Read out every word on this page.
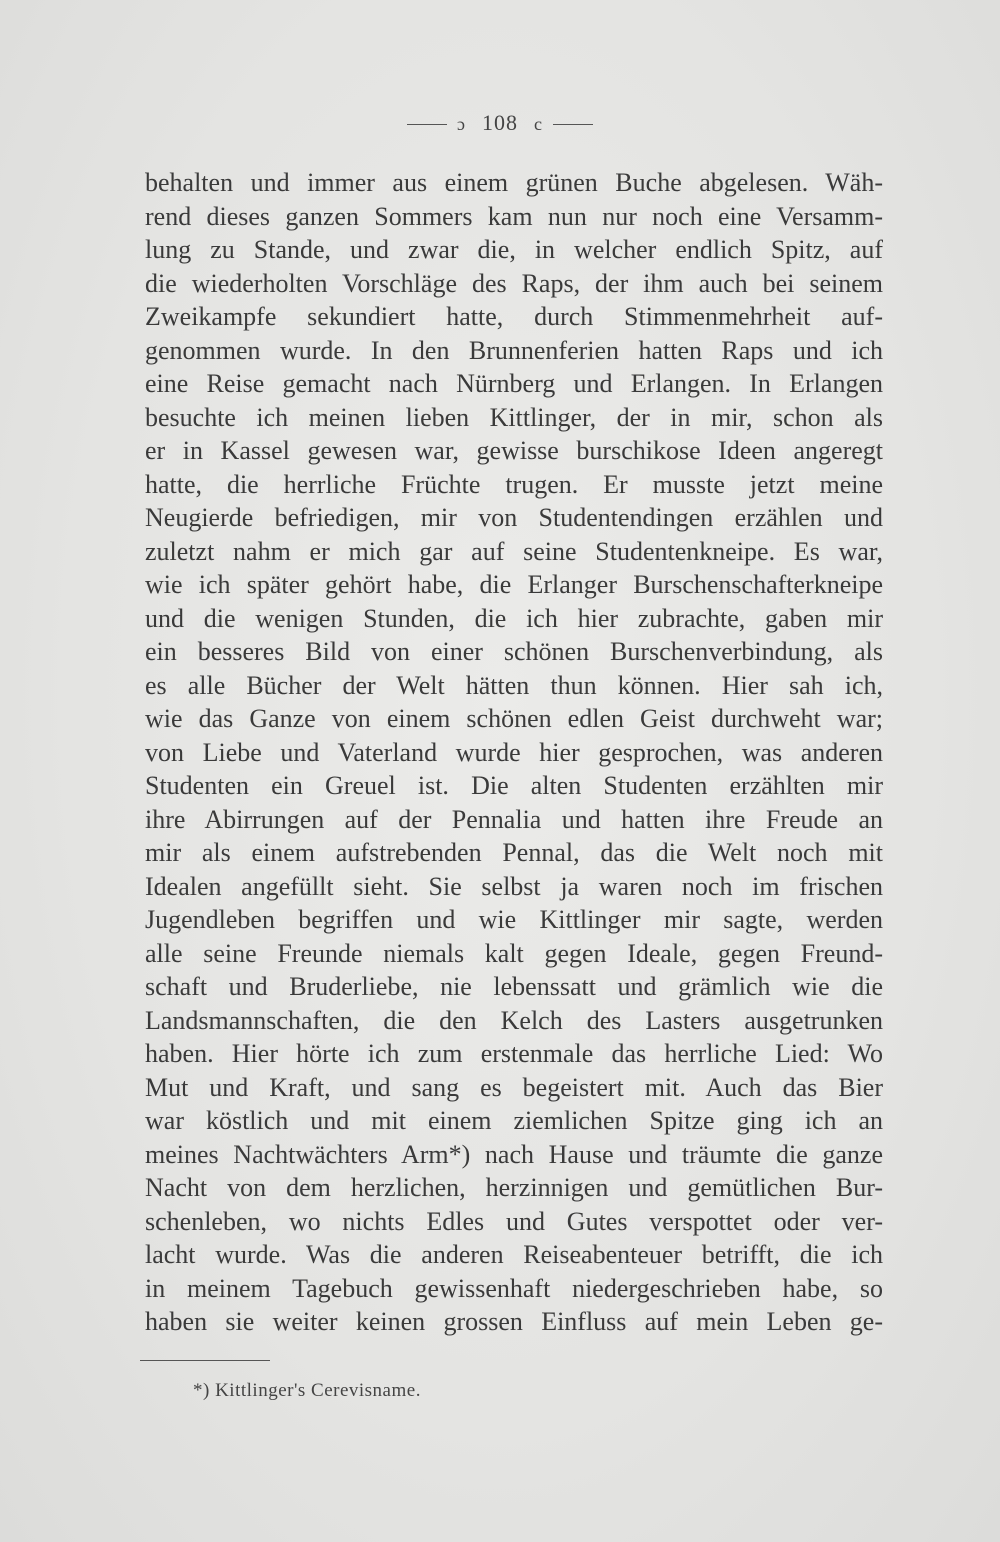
ɔ 108 c
behalten und immer aus einem grünen Buche abgelesen. Wäh-
rend dieses ganzen Sommers kam nun nur noch eine Versamm-
lung zu Stande, und zwar die, in welcher endlich Spitz, auf
die wiederholten Vorschläge des Raps, der ihm auch bei seinem
Zweikampfe sekundiert hatte, durch Stimmenmehrheit auf-
genommen wurde. In den Brunnenferien hatten Raps und ich
eine Reise gemacht nach Nürnberg und Erlangen. In Erlangen
besuchte ich meinen lieben Kittlinger, der in mir, schon als
er in Kassel gewesen war, gewisse burschikose Ideen angeregt
hatte, die herrliche Früchte trugen. Er musste jetzt meine
Neugierde befriedigen, mir von Studentendingen erzählen und
zuletzt nahm er mich gar auf seine Studentenkneipe. Es war,
wie ich später gehört habe, die Erlanger Burschenschafterkneipe
und die wenigen Stunden, die ich hier zubrachte, gaben mir
ein besseres Bild von einer schönen Burschenverbindung, als
es alle Bücher der Welt hätten thun können. Hier sah ich,
wie das Ganze von einem schönen edlen Geist durchweht war;
von Liebe und Vaterland wurde hier gesprochen, was anderen
Studenten ein Greuel ist. Die alten Studenten erzählten mir
ihre Abirrungen auf der Pennalia und hatten ihre Freude an
mir als einem aufstrebenden Pennal, das die Welt noch mit
Idealen angefüllt sieht. Sie selbst ja waren noch im frischen
Jugendleben begriffen und wie Kittlinger mir sagte, werden
alle seine Freunde niemals kalt gegen Ideale, gegen Freund-
schaft und Bruderliebe, nie lebenssatt und grämlich wie die
Landsmannschaften, die den Kelch des Lasters ausgetrunken
haben. Hier hörte ich zum erstenmale das herrliche Lied: Wo
Mut und Kraft, und sang es begeistert mit. Auch das Bier
war köstlich und mit einem ziemlichen Spitze ging ich an
meines Nachtwächters Arm*) nach Hause und träumte die ganze
Nacht von dem herzlichen, herzinnigen und gemütlichen Bur-
schenleben, wo nichts Edles und Gutes verspottet oder ver-
lacht wurde. Was die anderen Reiseabenteuer betrifft, die ich
in meinem Tagebuch gewissenhaft niedergeschrieben habe, so
haben sie weiter keinen grossen Einfluss auf mein Leben ge-
*) Kittlinger's Cerevisname.
